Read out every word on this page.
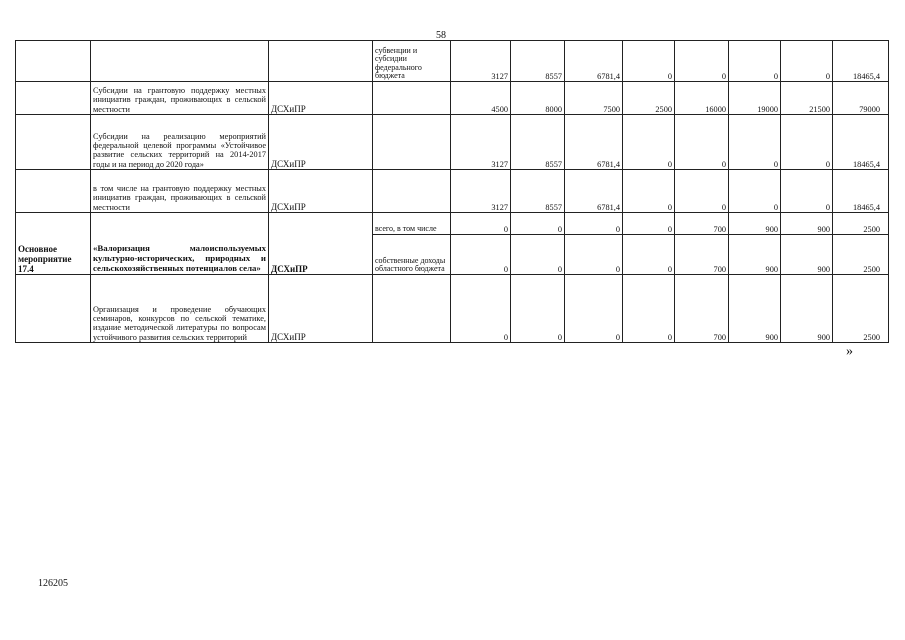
58
			субвенции и субсидии федерального бюджета	3127	8557	6781,4	0	0	0	0	18465,4
	Субсидии на грантовую поддержку местных инициатив граждан, проживающих в сельской местности	ДСХиПР		4500	8000	7500	2500	16000	19000	21500	79000
	Субсидии на реализацию мероприятий федеральной целевой программы «Устойчивое развитие сельских территорий на 2014-2017 годы и на период до 2020 года»	ДСХиПР		3127	8557	6781,4	0	0	0	0	18465,4
	в том числе на грантовую поддержку местных инициатив граждан, проживающих в сельской местности	ДСХиПР		3127	8557	6781,4	0	0	0	0	18465,4
Основное мероприятие 17.4	«Валоризация малоиспользуемых культурно-исторических, природных и сельскохозяйственных потенциалов села»	ДСХиПР	всего, в том числе	0	0	0	0	700	900	900	2500
			собственные доходы областного бюджета	0	0	0	0	700	900	900	2500
	Организация и проведение обучающих семинаров, конкурсов по сельской тематике, издание методической литературы по вопросам устойчивого развития сельских территорий	ДСХиПР		0	0	0	0	700	900	900	2500
»
126205
